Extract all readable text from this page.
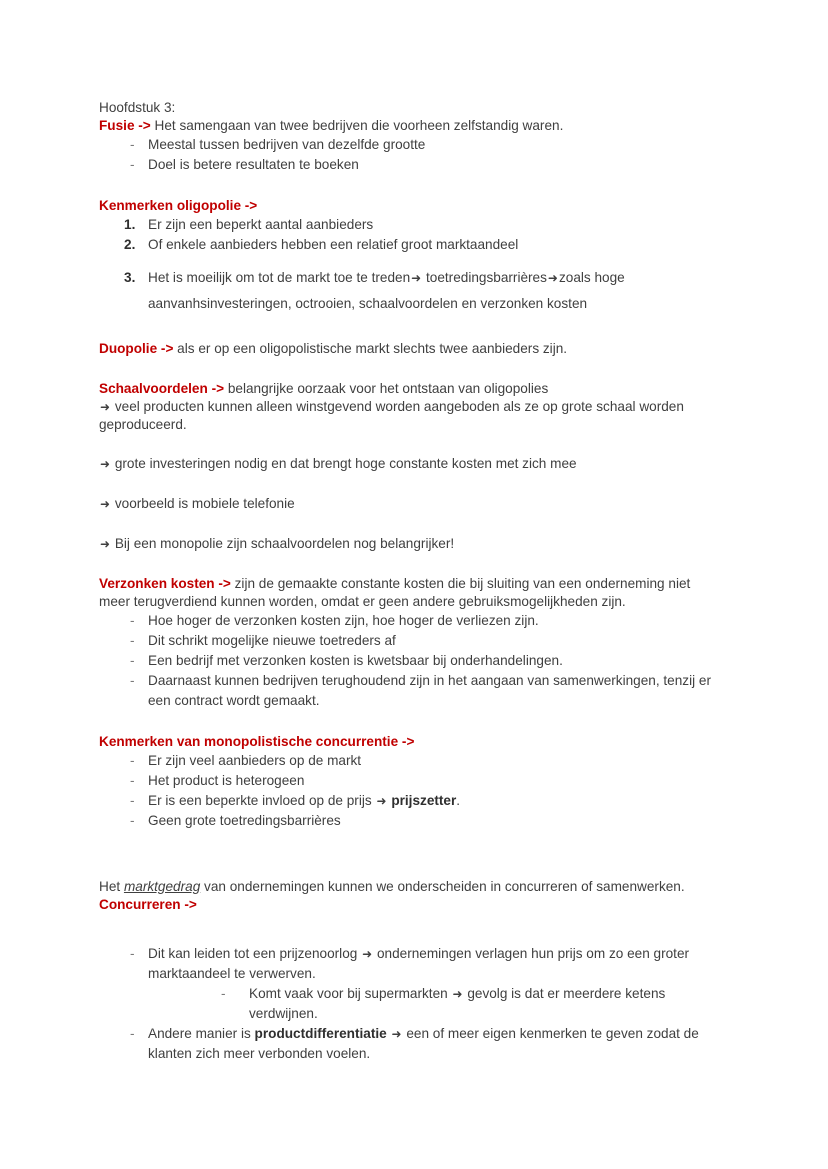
Hoofdstuk 3:

Fusie -> Het samengaan van twee bedrijven die voorheen zelfstandig waren.

- Meestal tussen bedrijven van dezelfde grootte
- Doel is betere resultaten te boeken

Kenmerken oligopolie ->

Er zijn een beperkt aantal aanbieders
Of enkele aanbieders hebben een relatief groot marktaandeel
Het is moeilijk om tot de markt toe te treden➜ toetredingsbarrières➜zoals hoge aanvanhsinvesteringen, octrooien, schaalvoordelen en verzonken kosten

Duopolie -> als er op een oligopolistische markt slechts twee aanbieders zijn.

Schaalvoordelen -> belangrijke oorzaak voor het ontstaan van oligopolies

➜ veel producten kunnen alleen winstgevend worden aangeboden als ze op grote schaal worden geproduceerd.

➜ grote investeringen nodig en dat brengt hoge constante kosten met zich mee

➜ voorbeeld is mobiele telefonie

➜ Bij een monopolie zijn schaalvoordelen nog belangrijker!

Verzonken kosten -> zijn de gemaakte constante kosten die bij sluiting van een onderneming niet meer terugverdiend kunnen worden, omdat er geen andere gebruiksmogelijkheden zijn.

- Hoe hoger de verzonken kosten zijn, hoe hoger de verliezen zijn.
- Dit schrikt mogelijke nieuwe toetreders af
- Een bedrijf met verzonken kosten is kwetsbaar bij onderhandelingen.
- Daarnaast kunnen bedrijven terughoudend zijn in het aangaan van samenwerkingen, tenzij er een contract wordt gemaakt.

Kenmerken van monopolistische concurrentie ->

- Er zijn veel aanbieders op de markt
- Het product is heterogeen
- Er is een beperkte invloed op de prijs ➜ prijszetter.
- Geen grote toetredingsbarrières

Het marktgedrag van ondernemingen kunnen we onderscheiden in concurreren of samenwerken.

Concurreren ->

- Dit kan leiden tot een prijzenoorlog ➜ ondernemingen verlagen hun prijs om zo een groter marktaandeel te verwerven.
- Komt vaak voor bij supermarkten ➜ gevolg is dat er meerdere ketens verdwijnen.
- Andere manier is productdifferentiatie ➜ een of meer eigen kenmerken te geven zodat de klanten zich meer verbonden voelen.
